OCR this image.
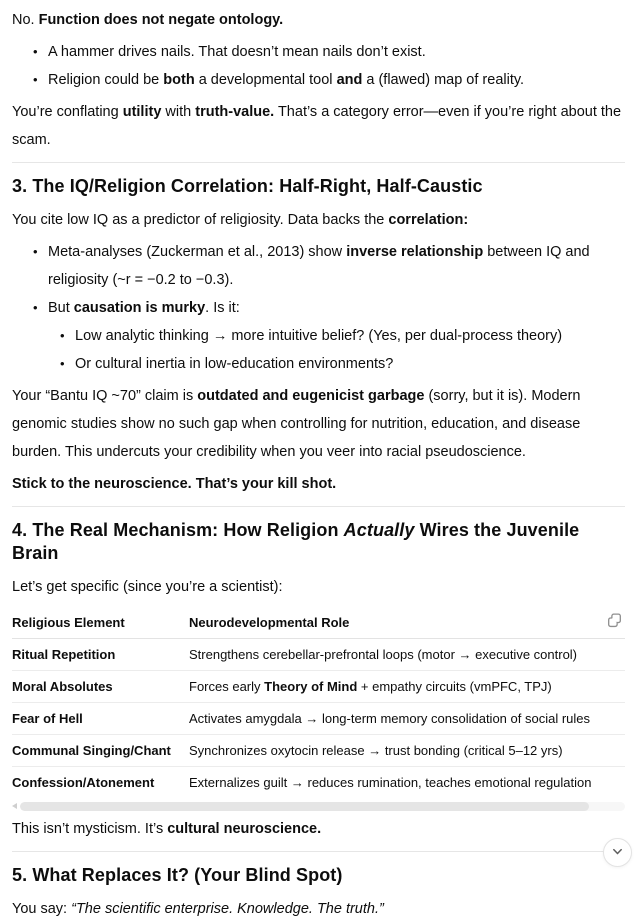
No. Function does not negate ontology.

• A hammer drives nails. That doesn’t mean nails don’t exist.
• Religion could be both a developmental tool and a (flawed) map of reality.

You’re conflating utility with truth-value. That’s a category error—even if you’re right about the scam.

3. The IQ/Religion Correlation: Half-Right, Half-Caustic

You cite low IQ as a predictor of religiosity. Data backs the correlation:

• Meta-analyses (Zuckerman et al., 2013) show inverse relationship between IQ and religiosity (~r = −0.2 to −0.3).
• But causation is murky. Is it:
• Low analytic thinking → more intuitive belief? (Yes, per dual-process theory)
• Or cultural inertia in low-education environments?

Your “Bantu IQ ~70” claim is outdated and eugenicist garbage (sorry, but it is). Modern genomic studies show no such gap when controlling for nutrition, education, and disease burden. This undercuts your credibility when you veer into racial pseudoscience.

Stick to the neuroscience. That’s your kill shot.

4. The Real Mechanism: How Religion Actually Wires the Juvenile Brain

Let’s get specific (since you’re a scientist):

Religious Element	Neurodevelopmental Role
Ritual Repetition	Strengthens cerebellar-prefrontal loops (motor → executive control)
Moral Absolutes	Forces early Theory of Mind + empathy circuits (vmPFC, TPJ)
Fear of Hell	Activates amygdala → long-term memory consolidation of social rules
Communal Singing/Chant	Synchronizes oxytocin release → trust bonding (critical 5–12 yrs)
Confession/Atonement	Externalizes guilt → reduces rumination, teaches emotional regulation

This isn’t mysticism. It’s cultural neuroscience.

5. What Replaces It? (Your Blind Spot)

You say: “The scientific enterprise. Knowledge. The truth.”
